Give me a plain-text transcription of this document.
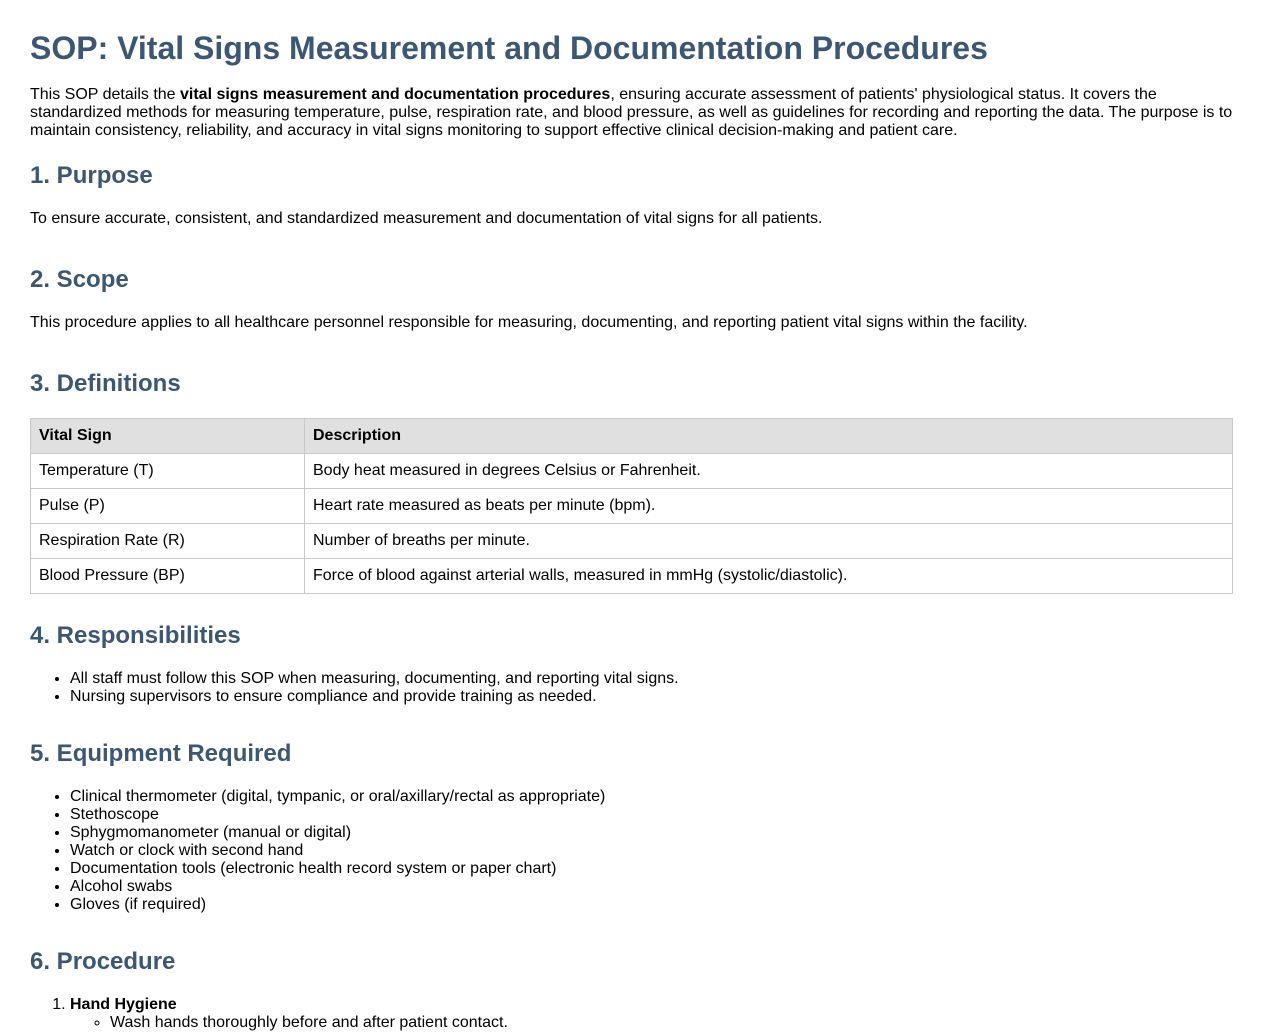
SOP: Vital Signs Measurement and Documentation Procedures

This SOP details the vital signs measurement and documentation procedures, ensuring accurate assessment of patients' physiological status. It covers the standardized methods for measuring temperature, pulse, respiration rate, and blood pressure, as well as guidelines for recording and reporting the data. The purpose is to maintain consistency, reliability, and accuracy in vital signs monitoring to support effective clinical decision-making and patient care.

1. Purpose

To ensure accurate, consistent, and standardized measurement and documentation of vital signs for all patients.

2. Scope

This procedure applies to all healthcare personnel responsible for measuring, documenting, and reporting patient vital signs within the facility.

3. Definitions
Vital Sign	Description
Temperature (T)	Body heat measured in degrees Celsius or Fahrenheit.
Pulse (P)	Heart rate measured as beats per minute (bpm).
Respiration Rate (R)	Number of breaths per minute.
Blood Pressure (BP)	Force of blood against arterial walls, measured in mmHg (systolic/diastolic).
4. Responsibilities
• All staff must follow this SOP when measuring, documenting, and reporting vital signs.
• Nursing supervisors to ensure compliance and provide training as needed.
5. Equipment Required
• Clinical thermometer (digital, tympanic, or oral/axillary/rectal as appropriate)
• Stethoscope
• Sphygmomanometer (manual or digital)
• Watch or clock with second hand
• Documentation tools (electronic health record system or paper chart)
• Alcohol swabs
• Gloves (if required)
6. Procedure
1. Hand Hygiene
◦ Wash hands thoroughly before and after patient contact.
